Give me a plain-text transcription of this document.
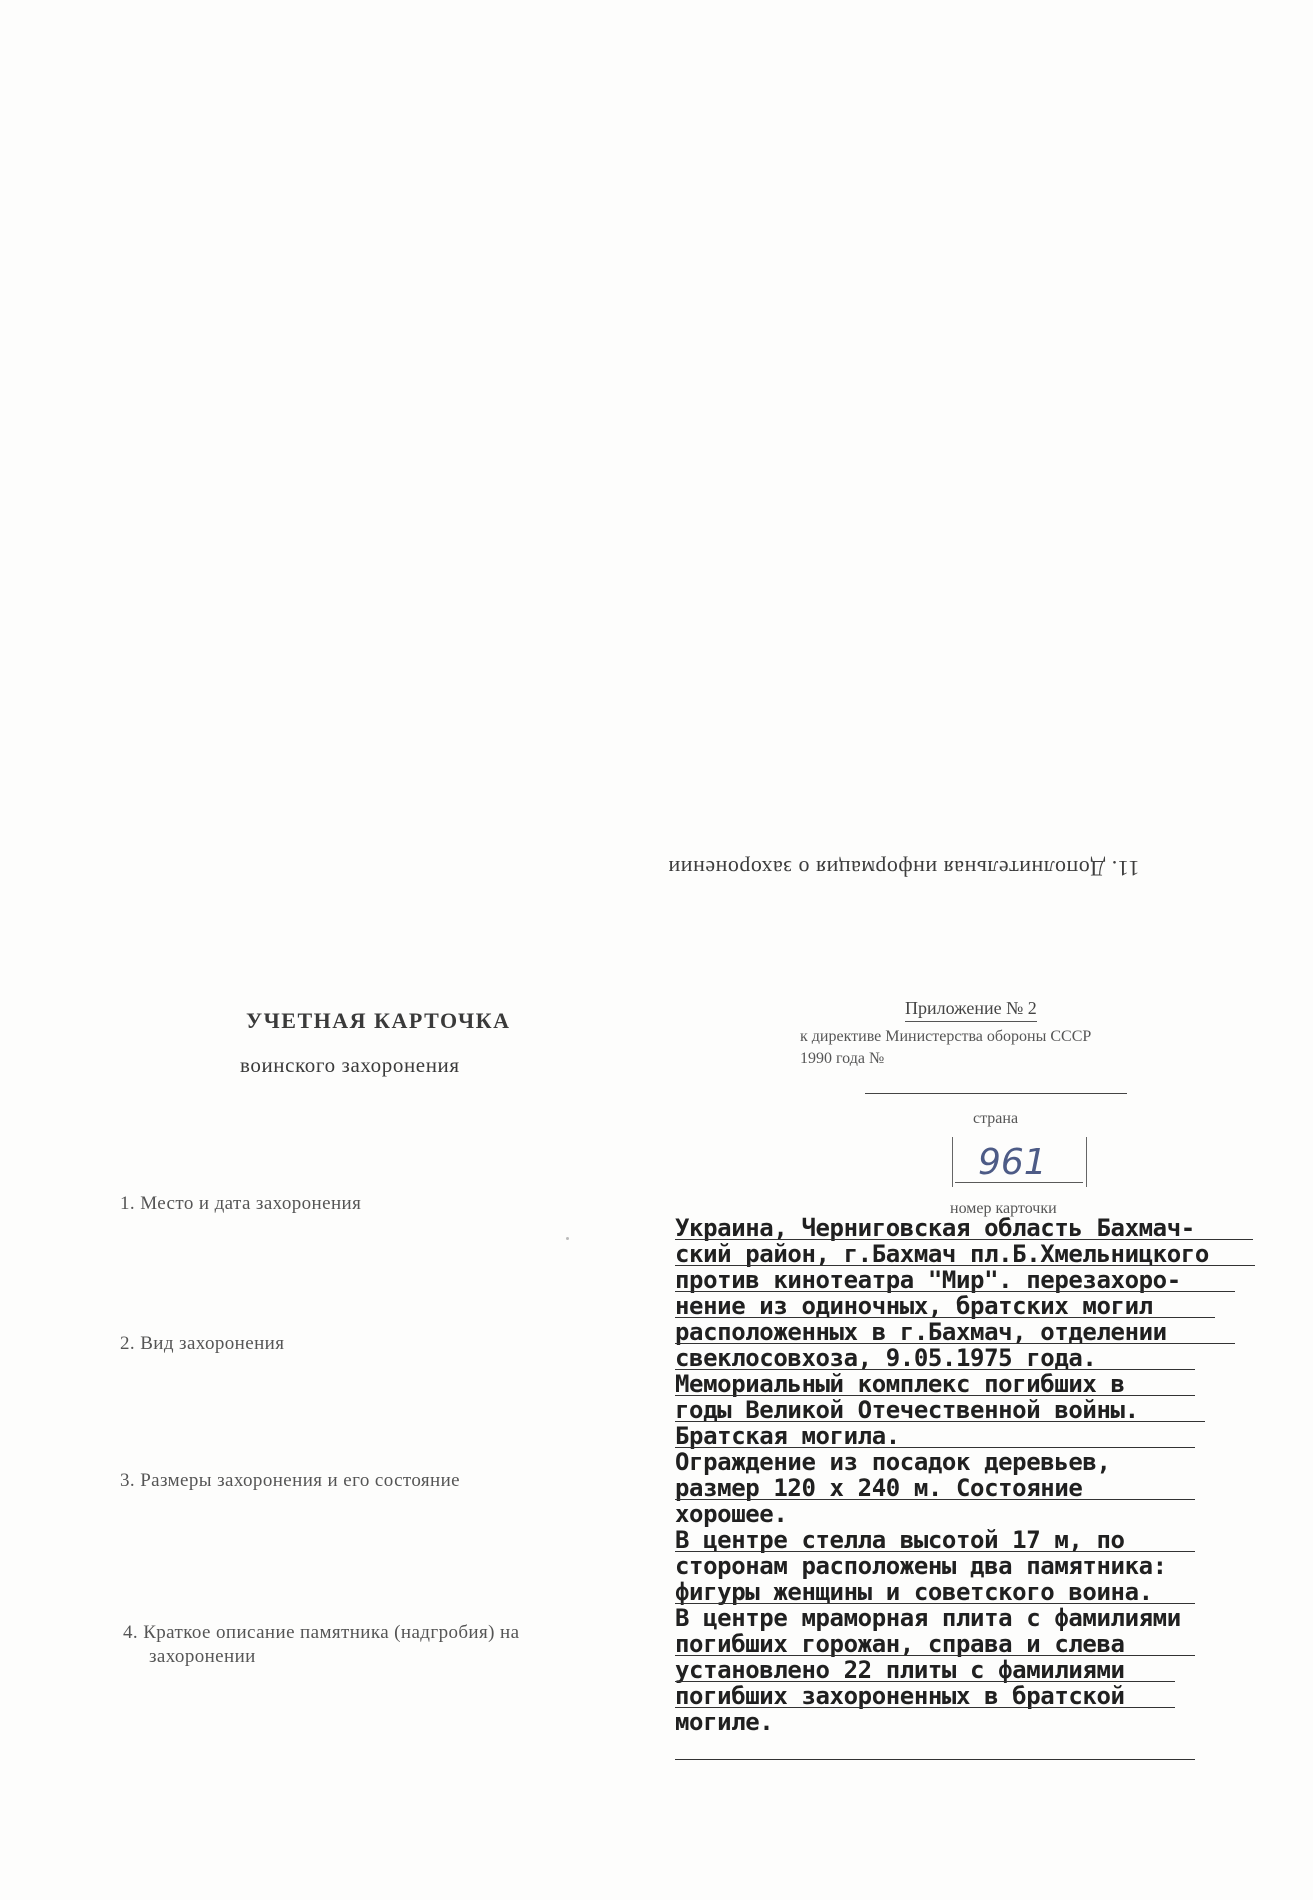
11. Дополнительная информация о захоронении
УЧЕТНАЯ КАРТОЧКА
воинского захоронения
Приложение № 2
к директиве Министерства обороны СССР
1990 года №
страна
961
номер карточки
1. Место и дата захоронения
2. Вид захоронения
3. Размеры захоронения и его состояние
4. Краткое описание памятника (надгробия) на
захоронении
Украина, Черниговская область Бахмач-
ский район, г.Бахмач пл.Б.Хмельницкого
против кинотеатра "Мир". перезахоро-
нение из одиночных, братских могил
расположенных в г.Бахмач, отделении
свеклосовхоза, 9.05.1975 года.
Мемориальный комплекс погибших в
годы Великой Отечественной войны.
Братская могила.
Ограждение из посадок деревьев,
размер 120 x 240 м. Состояние
хорошее.
В центре стелла высотой 17 м, по
сторонам расположены два памятника:
фигуры женщины и советского воина.
В центре мраморная плита с фамилиями
погибших горожан, справа и слева
установлено 22 плиты с фамилиями
погибших захороненных в братской
могиле.
